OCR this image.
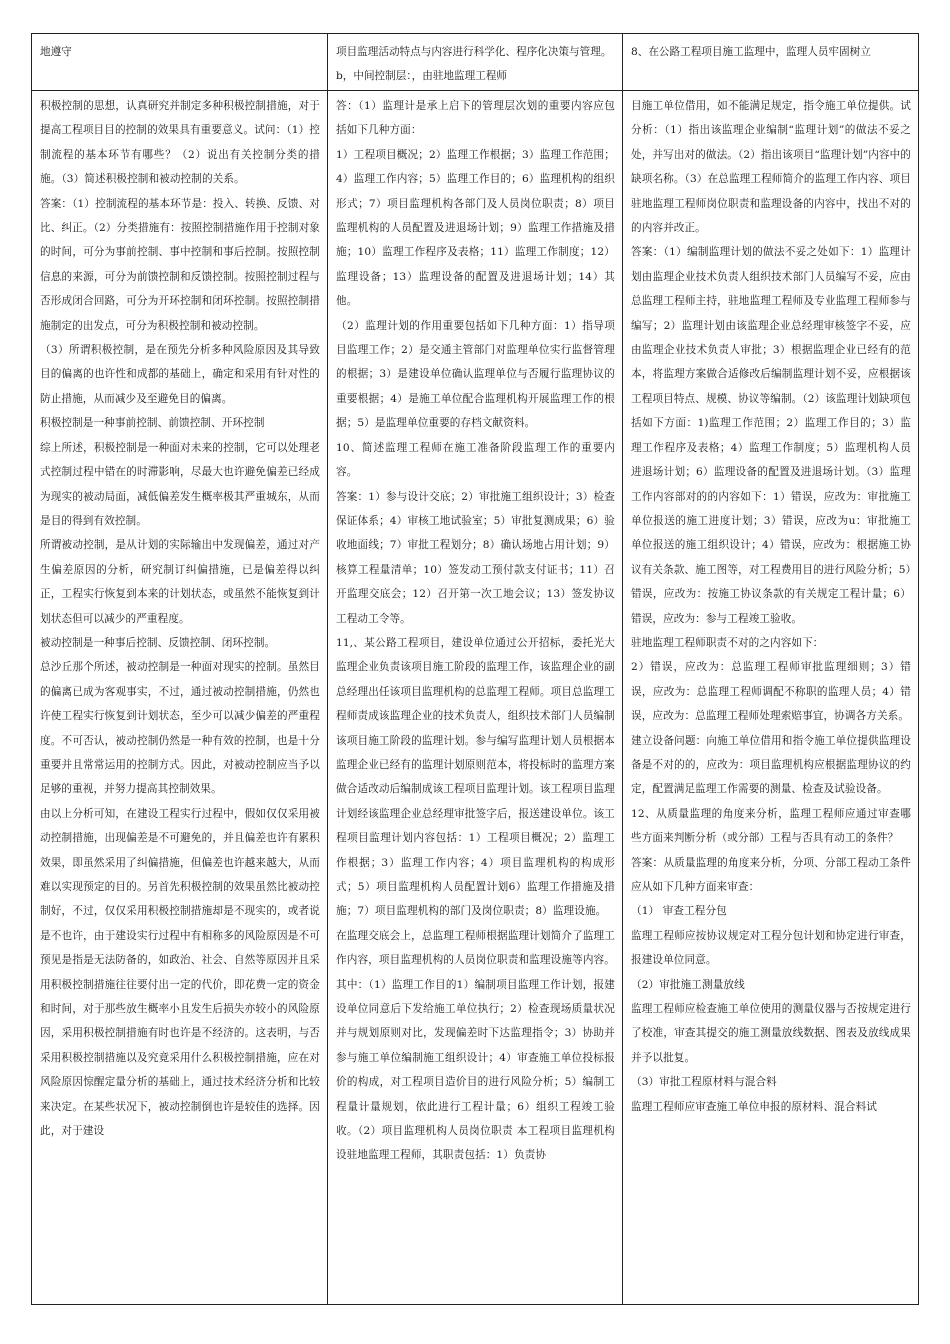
地遵守	项目监理活动特点与内容进行科学化、程序化决策与管理。b，中间控制层：，由驻地监理工程师
8、在公路工程项目施工监理中，监理人员牢固树立

积极控制的思想，认真研究并制定多种积极控制措施，对于提高工程项目目的控制的效果具有重要意义。试问：（1）控制流程的基本环节有哪些？（2）说出有关控制分类的措施。（3）简述积极控制和被动控制的关系。

答案：（1）控制流程的基本环节是：投入、转换、反馈、对比、纠正。（2）分类措施有：按照控制措施作用于控制对象的时间，可分为事前控制、事中控制和事后控制。按照控制信息的来源，可分为前馈控制和反馈控制。按照控制过程与否形成闭合回路，可分为开环控制和闭环控制。按照控制措施制定的出发点，可分为积极控制和被动控制。

（3）所谓积极控制，是在预先分析多种风险原因及其导致目的偏离的也许性和成都的基础上，确定和采用有针对性的防止措施，从而减少及至避免目的偏离。

积极控制是一种事前控制、前馈控制、开环控制

综上所述，积极控制是一种面对未来的控制，它可以处理老式控制过程中错在的时滞影响，尽最大也许避免偏差已经成为现实的被动局面，减低偏差发生概率极其严重城东，从而是目的得到有效控制。

所谓被动控制，是从计划的实际输出中发现偏差，通过对产生偏差原因的分析，研究制订纠偏措施，已是偏差得以纠正，工程实行恢复到本来的计划状态，或虽然不能恢复到计划状态但可以减少的严重程度。

被动控制是一种事后控制、反馈控制、闭环控制。

总沙丘那个所述，被动控制是一种面对现实的控制。虽然目的偏离已成为客观事实，不过，通过被动控制措施，仍然也许使工程实行恢复到计划状态，至少可以减少偏差的严重程度。不可否认，被动控制仍然是一种有效的控制，也是十分重要并且常常运用的控制方式。因此，对被动控制应当予以足够的重视，并努力提高其控制效果。

由以上分析可知，在建设工程实行过程中，假如仅仅采用被动控制措施，出现偏差是不可避免的，并且偏差也许有累积效果，即虽然采用了纠偏措施，但偏差也许越来越大，从而难以实现预定的目的。另首先积极控制的效果虽然比被动控制好，不过，仅仅采用积极控制措施却是不现实的，或者说是不也许，由于建设实行过程中有相称多的风险原因是不可预见是指是无法防备的，如政治、社会、自然等原因并且采用积极控制措施往往要付出一定的代价，即花费一定的资金和时间，对于那些放生概率小且发生后损失亦较小的风险原因，采用积极控制措施有时也许是不经济的。这表明，与否采用积极控制措施以及究竟采用什么积极控制措施，应在对风险原因惊醒定量分析的基础上，通过技术经济分析和比较来决定。在某些状况下，被动控制倒也许是较佳的选择。因此，对于建设

答：（1）监理计是承上启下的管理层次划的重要内容应包括如下几种方面：

1）工程项目概况；2）监理工作根据；3）监理工作范围；4）监理工作内容；5）监理工作目的；6）监理机构的组织形式；7）项目监理机构各部门及人员岗位职责；8）项目监理机构的人员配置及进退场计划；9）监理工作措施及措施；10）监理工作程序及表格；11）监理工作制度；12）监理设备；13）监理设备的配置及进退场计划；14）其他。

（2）监理计划的作用重要包括如下几种方面：1）指导项目监理工作；2）是交通主管部门对监理单位实行监督管理的根据；3）是建设单位确认监理单位与否履行监理协议的重要根据；4）是施工单位配合监理机构开展监理工作的根据；5）是监理单位重要的存档文献资料。

10、简述监理工程师在施工准备阶段监理工作的重要内容。

答案：1）参与设计交底；2）审批施工组织设计；3）检查保证体系；4）审核工地试验室；5）审批复测成果；6）验收地面线；7）审批工程划分；8）确认场地占用计划；9）核算工程量清单；10）签发动工预付款支付证书；11）召开监理交底会；12）召开第一次工地会议；13）签发协议工程动工令等。

11,、某公路工程项目，建设单位通过公开招标，委托光大监理企业负责该项目施工阶段的监理工作，该监理企业的副总经理出任该项目监理机构的总监理工程师。项目总监理工程师责成该监理企业的技术负责人，组织技术部门人员编制该项目施工阶段的监理计划。参与编写监理计划人员根据本监理企业已经有的监理计划原则范本，将投标时的监理方案做合适改动后编制成该工程项目监理计划。该工程项目监理计划经该监理企业总经理审批签字后，报送建设单位。该工程项目监理计划内容包括：1）工程项目概况；2）监理工作根据；3）监理工作内容；4）项目监理机构的构成形式；5）项目监理机构人员配置计划6）监理工作措施及措施；7）项目监理机构的部门及岗位职责；8）监理设施。

在监理交底会上，总监理工程师根据监理计划简介了监理工作内容，项目监理机构的人员岗位职责和监理设施等内容。其中：（1）监理工作目的1）编制项目监理工作计划，报建设单位同意后下发给施工单位执行；2）检查现场质量状况并与规划原则对比，发现偏差时下达监理指令；3）协助并参与施工单位编制施工组织设计；4）审查施工单位投标报价的构成，对工程项目造价目的进行风险分析；5）编制工程量计量规划，依此进行工程计量；6）组织工程竣工验收。（2）项目监理机构人员岗位职责 本工程项目监理机构设驻地监理工程师，其职责包括：1）负责协

目施工单位借用，如不能满足规定，指令施工单位提供。试分析：（1）指出该监理企业编制“监理计划”的做法不妥之处，并写出对的做法。（2）指出该项目“监理计划”内容中的缺项名称。（3）在总监理工程师简介的监理工作内容、项目驻地监理工程师岗位职责和监理设备的内容中，找出不对的的内容并改正。

答案：（1）编制监理计划的做法不妥之处如下：1）监理计划由监理企业技术负责人组织技术部门人员编写不妥，应由总监理工程师主持，驻地监理工程师及专业监理工程师参与编写；2）监理计划由该监理企业总经理审核签字不妥，应由监理企业技术负责人审批；3）根据监理企业已经有的范本，将监理方案做合适修改后编制监理计划不妥，应根据该工程项目特点、规模、协议等编制。（2）该监理计划缺项包括如下方面：1)监理工作范围；2）监理工作目的；3）监理工作程序及表格；4）监理工作制度；5）监理机构人员进退场计划；6）监理设备的配置及进退场计划。（3）监理工作内容部对的的内容如下：1）错误，应改为：审批施工单位报送的施工进度计划；3）错误，应改为u：审批施工单位报送的施工组织设计；4）错误，应改为：根据施工协议有关条款、施工图等，对工程费用目的进行风险分析；5）错误，应改为：按施工协议条款的有关规定工程计量；6）错误，应改为：参与工程竣工验收。

驻地监理工程师职责不对的之内容如下：

2）错误，应改为：总监理工程师审批监理细则；3）错误，应改为：总监理工程师调配不称职的监理人员；4）错误，应改为：总监理工程师处理索赔事宜，协调各方关系。

建立设备问题：向施工单位借用和指令施工单位提供监理设备是不对的的，应改为：项目监理机构应根据监理协议的约定，配置满足监理工作需要的测量、检查及试验设备。

12、从质量监理的角度来分析，监理工程师应通过审查哪些方面来判断分析（或分部）工程与否具有动工的条件？

答案：从质量监理的角度来分析，分项、分部工程动工条件应从如下几种方面来审查：

（1） 审查工程分包

监理工程师应按协议规定对工程分包计划和协定进行审查，报建设单位同意。

（2）审批施工测量放线

监理工程师应检查施工单位使用的测量仪器与否按规定进行了校准，审查其提交的施工测量放线数据、图表及放线成果并予以批复。

（3）审批工程原材料与混合料

监理工程师应审查施工单位申报的原材料、混合料试
